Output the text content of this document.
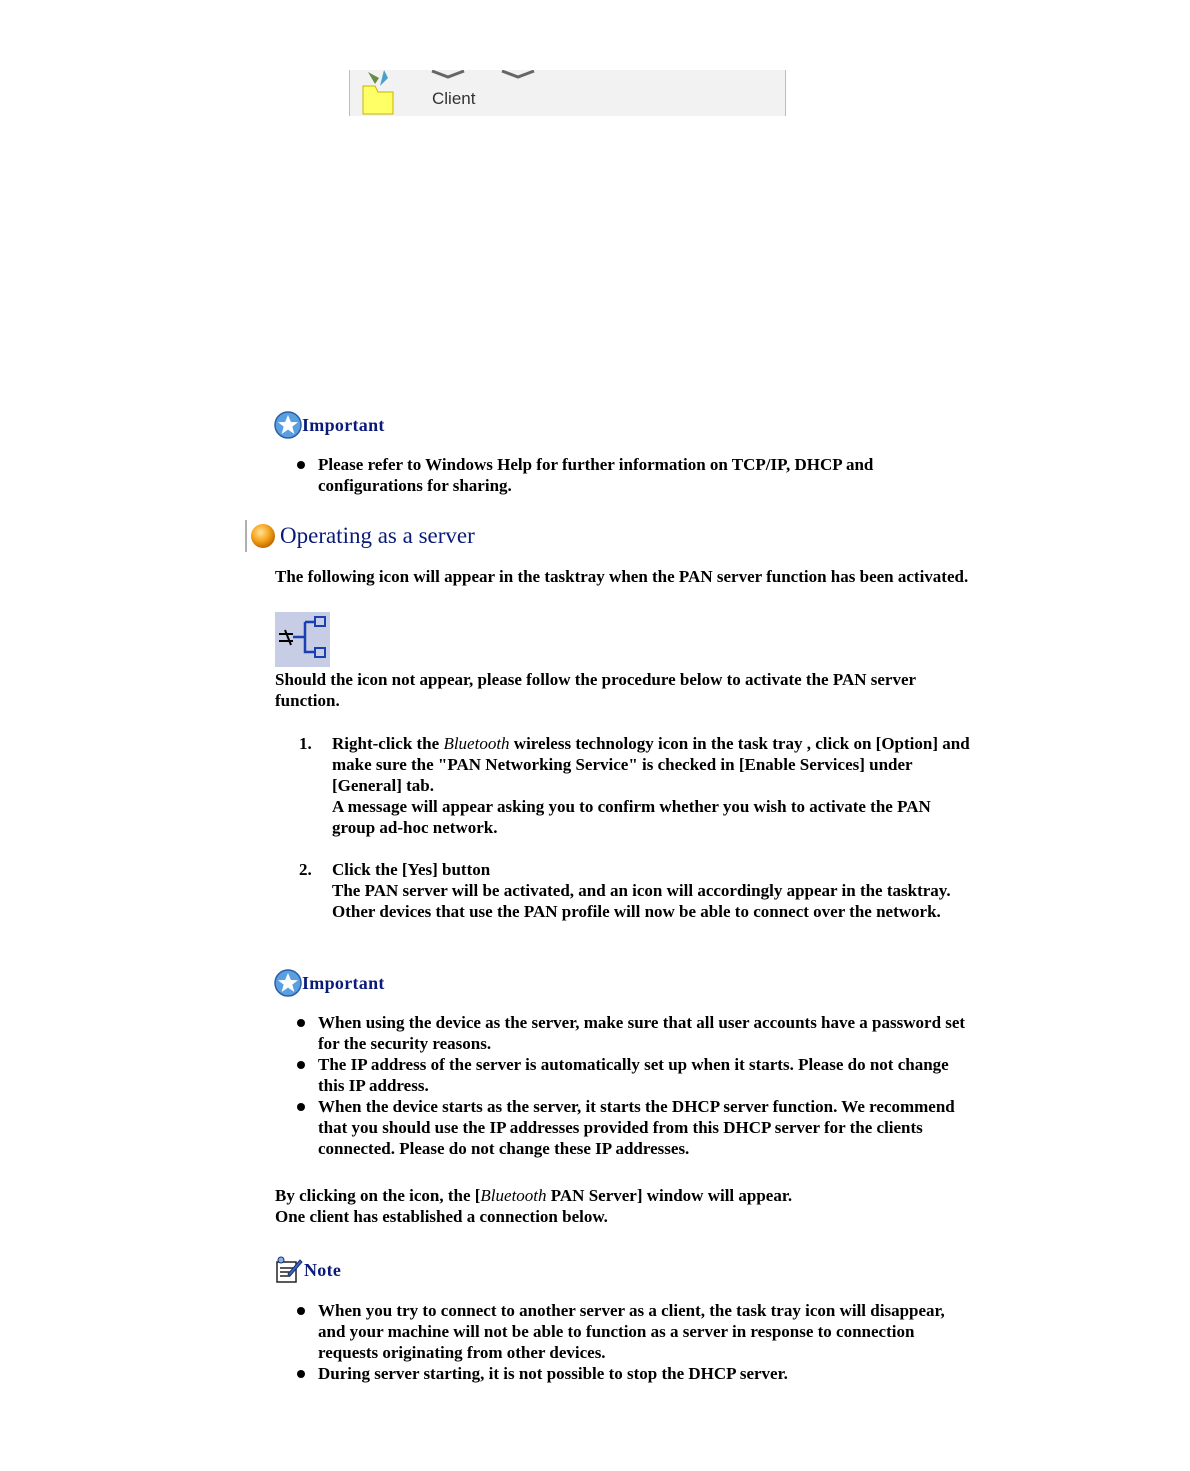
Client
Important
Please refer to Windows Help for further information on TCP/IP, DHCP and configurations for sharing.
Operating as a server
The following icon will appear in the tasktray when the PAN server function has been activated.
Should the icon not appear, please follow the procedure below to activate the PAN server function.
1. Right-click the Bluetooth wireless technology icon in the task tray , click on [Option] and make sure the "PAN Networking Service" is checked in [Enable Services] under [General] tab.
A message will appear asking you to confirm whether you wish to activate the PAN group ad-hoc network.
2. Click the [Yes] button
The PAN server will be activated, and an icon will accordingly appear in the tasktray. Other devices that use the PAN profile will now be able to connect over the network.
Important
When using the device as the server, make sure that all user accounts have a password set for the security reasons.
The IP address of the server is automatically set up when it starts. Please do not change this IP address.
When the device starts as the server, it starts the DHCP server function. We recommend that you should use the IP addresses provided from this DHCP server for the clients connected. Please do not change these IP addresses.
By clicking on the icon, the [Bluetooth PAN Server] window will appear.
One client has established a connection below.
Note
When you try to connect to another server as a client, the task tray icon will disappear, and your machine will not be able to function as a server in response to connection requests originating from other devices.
During server starting, it is not possible to stop the DHCP server.
